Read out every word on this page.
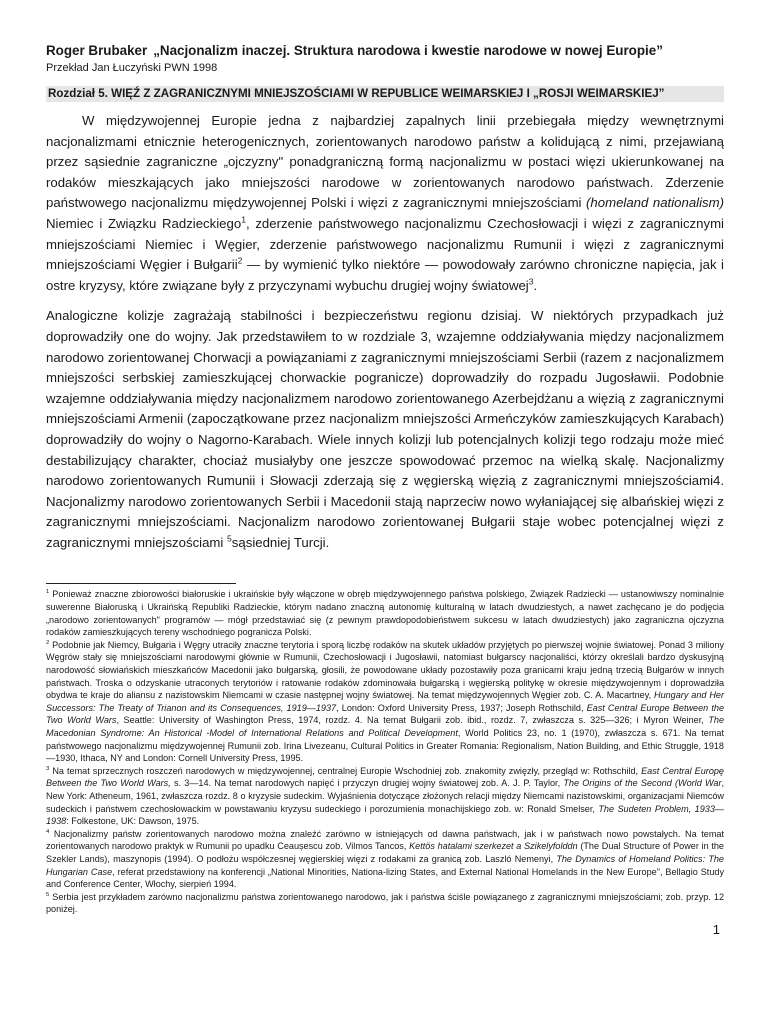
Roger Brubaker „Nacjonalizm inaczej. Struktura narodowa i kwestie narodowe w nowej Europie”
Przekład Jan Łuczyński PWN 1998
Rozdział 5. WIĘŹ Z ZAGRANICZNYMI MNIEJSZOŚCIAMI W REPUBLICE WEIMARSKIEJ I „ROSJI WEIMARSKIEJ”

W międzywojennej Europie jedna z najbardziej zapalnych linii przebiegała między wewnętrznymi nacjonalizmami etnicznie heterogenicznych, zorientowanych narodowo państw a kolidującą z nimi, przejawianą przez sąsiednie zagraniczne „ojczyzny" ponadgraniczną formą nacjonalizmu w postaci więzi ukierunkowanej na rodaków mieszkających jako mniejszości narodowe w zorientowanych narodowo państwach. Zderzenie państwowego nacjonalizmu międzywojennej Polski i więzi z zagranicznymi mniejszościami (homeland nationalism) Niemiec i Związku Radzieckiego$^1$, zderzenie państwowego nacjonalizmu Czechosłowacji i więzi z zagranicznymi mniejszościami Niemiec i Węgier, zderzenie państwowego nacjonalizmu Rumunii i więzi z zagranicznymi mniejszościami Węgier i Bułgarii$^2$ — by wymienić tylko niektóre — powodowały zarówno chroniczne napięcia, jak i ostre kryzysy, które związane były z przyczynami wybuchu drugiej wojny światowej$^3$.

Analogiczne kolizje zagrażają stabilności i bezpieczeństwu regionu dzisiaj. W niektórych przypadkach już doprowadziły one do wojny. Jak przedstawiłem to w rozdziale 3, wzajemne oddziaływania między nacjonalizmem narodowo zorientowanej Chorwacji a powiązaniami z zagranicznymi mniejszościami Serbii (razem z nacjonalizmem mniejszości serbskiej zamieszkującej chorwackie pogranicze) doprowadziły do rozpadu Jugosławii. Podobnie wzajemne oddziaływania między nacjonalizmem narodowo zorientowanego Azerbejdżanu a więzią z zagranicznymi mniejszościami Armenii (zapoczątkowane przez nacjonalizm mniejszości Armeńczyków zamieszkujących Karabach) doprowadziły do wojny o Nagorno-Karabach. Wiele innych kolizji lub potencjalnych kolizji tego rodzaju może mieć destabilizujący charakter, chociaż musiałyby one jeszcze spowodować przemoc na wielką skalę. Nacjonalizmy narodowo zorientowanych Rumunii i Słowacji zderzają się z węgierską więzią z zagranicznymi mniejszościami4. Nacjonalizmy narodowo zorientowanych Serbii i Macedonii stają naprzeciw nowo wyłaniającej się albańskiej więzi z zagranicznymi mniejszościami. Nacjonalizm narodowo zorientowanej Bułgarii staje wobec potencjalnej więzi z zagranicznymi mniejszościami $^5$sąsiedniej Turcji.

$^1$ Ponieważ znaczne zbiorowości białoruskie i ukraińskie były włączone w obręb międzywojennego państwa polskiego, Związek Radziecki — ustanowiwszy nominalnie suwerenne Białoruską i Ukraińską Republiki Radzieckie, którym nadano znaczną autonomię kulturalną w latach dwudziestych, a nawet zachęcano je do podjęcia „narodowo zorientowanych" programów — mógł przedstawiać się (z pewnym prawdopodobieństwem sukcesu w latach dwudziestych) jako zagraniczna ojczyzna rodaków zamieszkujących tereny wschodniego pogranicza Polski.

$^2$ Podobnie jak Niemcy, Bułgaria i Węgry utraciły znaczne terytoria i sporą liczbę rodaków na skutek układów przyjętych po pierwszej wojnie światowej. Ponad 3 miliony Węgrów stały się mniejszościami narodowymi głównie w Rumunii, Czechosłowacji i Jugosławii, natomiast bułgarscy nacjonaliści, którzy określali bardzo dyskusyjną narodowość słowiańskich mieszkańców Macedonii jako bułgarską, głosili, że powodowane układy pozostawiły poza granicami kraju jedną trzecią Bułgarów w innych państwach. Troska o odzyskanie utraconych terytoriów i ratowanie rodaków zdominowała bułgarską i węgierską politykę w okresie międzywojennym i doprowadziła obydwa te kraje do aliansu z nazistowskim Niemcami w czasie następnej wojny światowej. Na temat międzywojennych Węgier zob. C. A. Macartney, Hungary and Her Successors: The Treaty of Trianon and its Consequences, 1919—1937, London: Oxford University Press, 1937; Joseph Rothschild, East Central Europe Between the Two World Wars, Seattle: University of Washington Press, 1974, rozdz. 4. Na temat Bułgarii zob. ibid., rozdz. 7, zwłaszcza s. 325—326; i Myron Weiner, The Macedonian Syndrome: An Historical -Model of International Relations and Political Development, World Politics 23, no. 1 (1970), zwłaszcza s. 671. Na temat państwowego nacjonalizmu międzywojennej Rumunii zob. Irina Livezeanu, Cultural Politics in Greater Romania: Regionalism, Nation Building, and Ethic Struggle, 1918—1930, Ithaca, NY and London: Cornell University Press, 1995.

$^3$ Na temat sprzecznych roszczeń narodowych w międzywojennej, centralnej Europie Wschodniej zob. znakomity zwięzły, przegląd w: Rothschild, East Central Europę Between the Two World Wars, s. 3—14. Na temat narodowych napięć i przyczyn drugiej wojny światowej zob. A. J. P. Taylor, The Origins of the Second (World War, New York: Atheneum, 1961, zwłaszcza rozdz. 8 o kryzysie sudeckim. Wyjaśnienia dotyczące złożonych relacji między Niemcami nazistowskimi, organizacjami Niemców sudeckich i państwem czechosłowackim w powstawaniu kryzysu sudeckiego i porozumienia monachijskiego zob. w: Ronald Smelser, The Sudeten Problem, 1933—1938: Folkestone, UK: Dawson, 1975.

$^4$ Nacjonalizmy państw zorientowanych narodowo można znaleźć zarówno w istniejących od dawna państwach, jak i w państwach nowo powstałych. Na temat zorientowanych narodowo praktyk w Rumunii po upadku Ceaușescu zob. Vilmos Tancos, Kettös hatalami szerkezet a Szikelyfolddn (The Dual Structure of Power in the Szekler Lands), maszynopis (1994). O podłożu współczesnej węgierskiej więzi z rodakami za granicą zob. Laszló Nemenyi, The Dynamics of Homeland Politics: The Hungarian Case, referat przedstawiony na konferencji „National Minorities, Nationa-lizing States, and External National Homelands in the New Europe", Bellagio Study and Conference Center, Włochy, sierpień 1994.

$^5$ Serbia jest przykładem zarówno nacjonalizmu państwa zorientowanego narodowo, jak i państwa ściśle powiązanego z zagranicznymi mniejszościami; zob. przyp. 12 poniżej.

1
